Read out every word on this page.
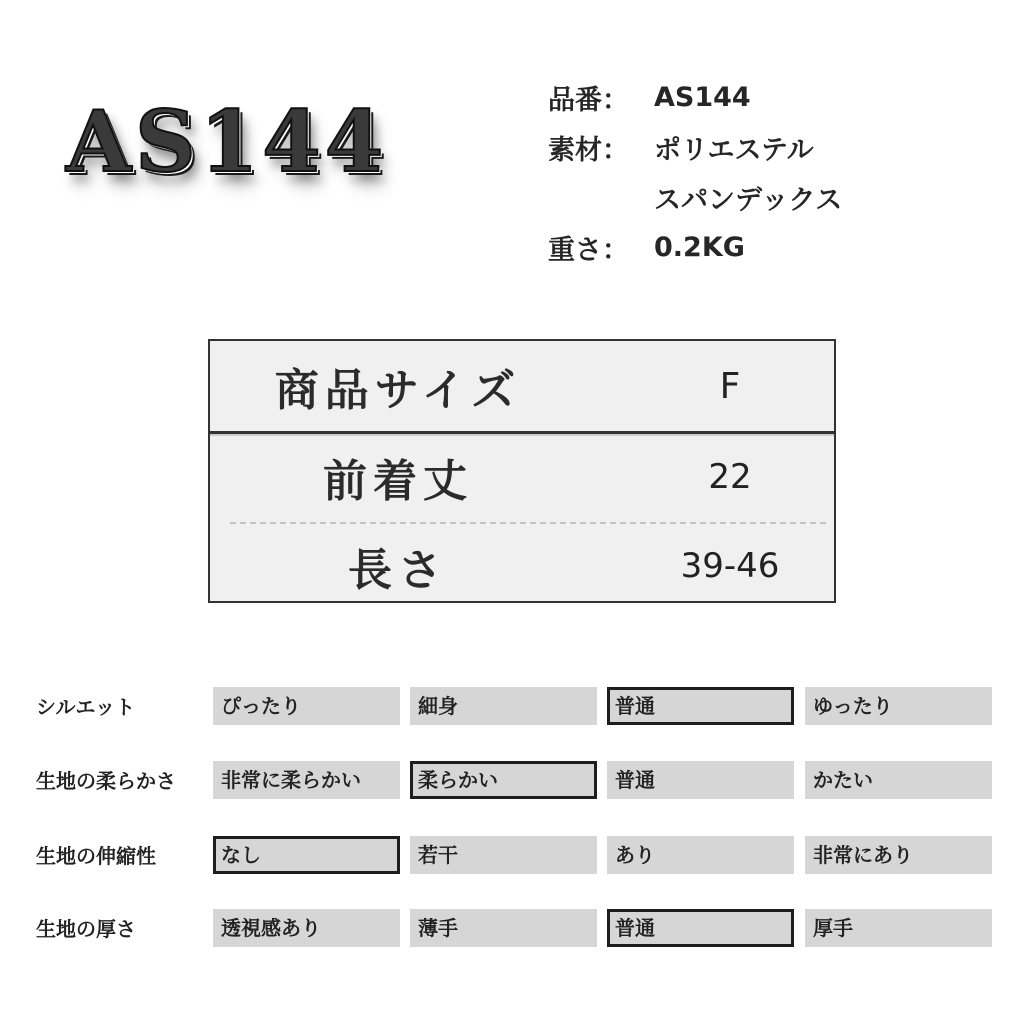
AS144	品番： AS144
素材： ポリエステル
スパンデックス
重さ： 0.2KG
商品サイズ	F
前着丈	22
長さ	39-46
シルエット	ぴったり	細身	普通	ゆったり
生地の柔らかさ	非常に柔らかい	柔らかい	普通	かたい
生地の伸縮性	なし	若干	あり	非常にあり
生地の厚さ	透視感あり	薄手	普通	厚手
